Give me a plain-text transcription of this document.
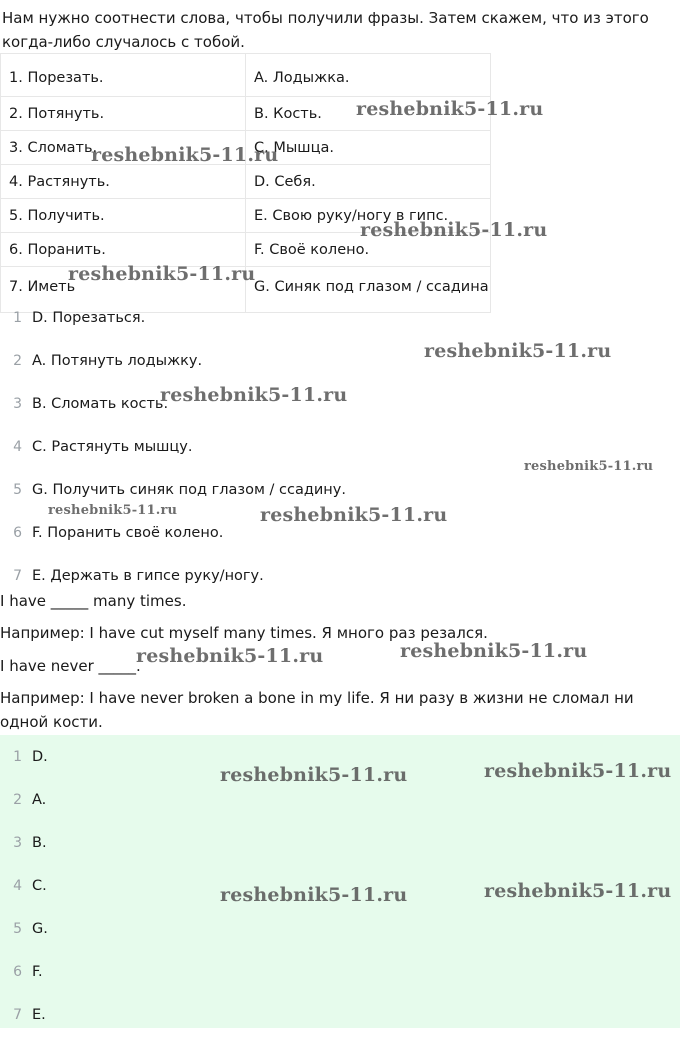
Нам нужно соотнести слова, чтобы получили фразы. Затем скажем, что из этого когда-либо случалось с тобой.

1. Порезать.	A. Лодыжка.
2. Потянуть.	B. Кость.
3. Сломать.	C. Мышца.
4. Растянуть.	D. Себя.
5. Получить.	E. Свою руку/ногу в гипс.
6. Поранить.	F. Своё колено.
7. Иметь	G. Синяк под глазом / ссадина
1 D. Порезаться.
2 A. Потянуть лодыжку.
3 B. Сломать кость.
4 C. Растянуть мышцу.
5 G. Получить синяк под глазом / ссадину.
6 F. Поранить своё колено.
7 E. Держать в гипсе руку/ногу.

I have _____ many times.

Например: I have cut myself many times. Я много раз резался.

I have never _____.

Например: I have never broken a bone in my life. Я ни разу в жизни не сломал ни одной кости.

1 D.
2 A.
3 B.
4 C.
5 G.
6 F.
7 E.
reshebnik5-11.ru
reshebnik5-11.ru
reshebnik5-11.ru
reshebnik5-11.ru
reshebnik5-11.ru
reshebnik5-11.ru
reshebnik5-11.ru
reshebnik5-11.ru	reshebnik5-11.ru
reshebnik5-11.ru
reshebnik5-11.ru
reshebnik5-11.ru
reshebnik5-11.ru
reshebnik5-11.ru
reshebnik5-11.ru
